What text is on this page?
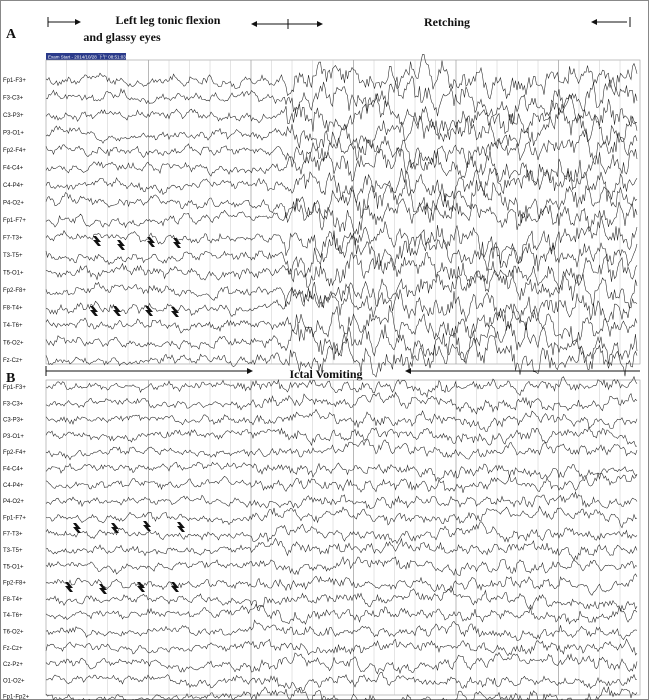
A
Left leg tonic flexion
and glassy eyes
Retching
Exam Start - 2014/10/28 下午 08:51:03
Fp1-F3+
F3-C3+
C3-P3+
P3-O1+
Fp2-F4+
F4-C4+
C4-P4+
P4-O2+
Fp1-F7+
F7-T3+
T3-T5+
T5-O1+
Fp2-F8+
F8-T4+
T4-T6+
T6-O2+
Fz-Cz+
B	Ictal Vomiting
Fp1-F3+
F3-C3+
C3-P3+
P3-O1+
Fp2-F4+
F4-C4+
C4-P4+
P4-O2+
Fp1-F7+
F7-T3+
T3-T5+
T5-O1+
Fp2-F8+
F8-T4+
T4-T6+
T6-O2+
Fz-Cz+
Cz-Pz+
O1-O2+
Fp1-Fp2+
